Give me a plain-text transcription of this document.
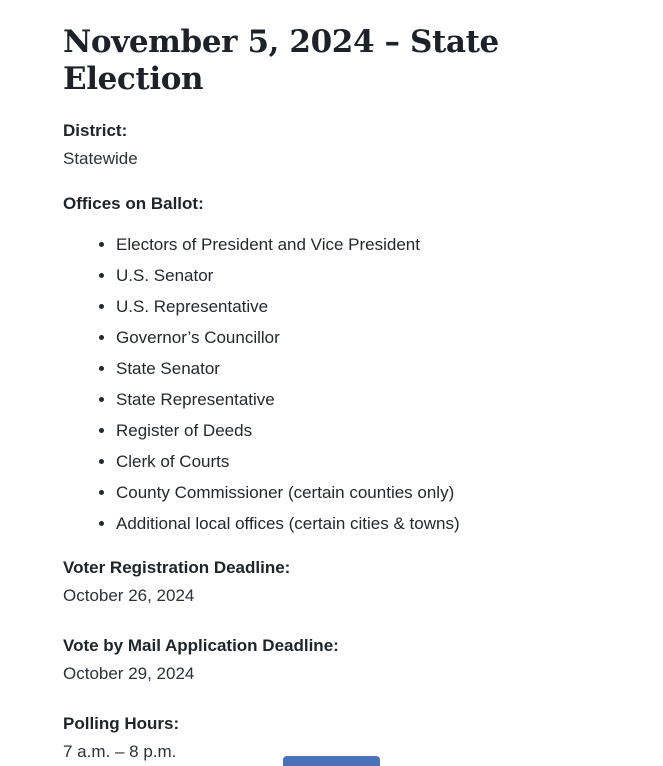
November 5, 2024 – State Election

District:
Statewide

Offices on Ballot:

• Electors of President and Vice President
• U.S. Senator
• U.S. Representative
• Governor’s Councillor
• State Senator
• State Representative
• Register of Deeds
• Clerk of Courts
• County Commissioner (certain counties only)
• Additional local offices (certain cities & towns)

Voter Registration Deadline:
October 26, 2024

Vote by Mail Application Deadline:
October 29, 2024

Polling Hours:
7 a.m. – 8 p.m.
